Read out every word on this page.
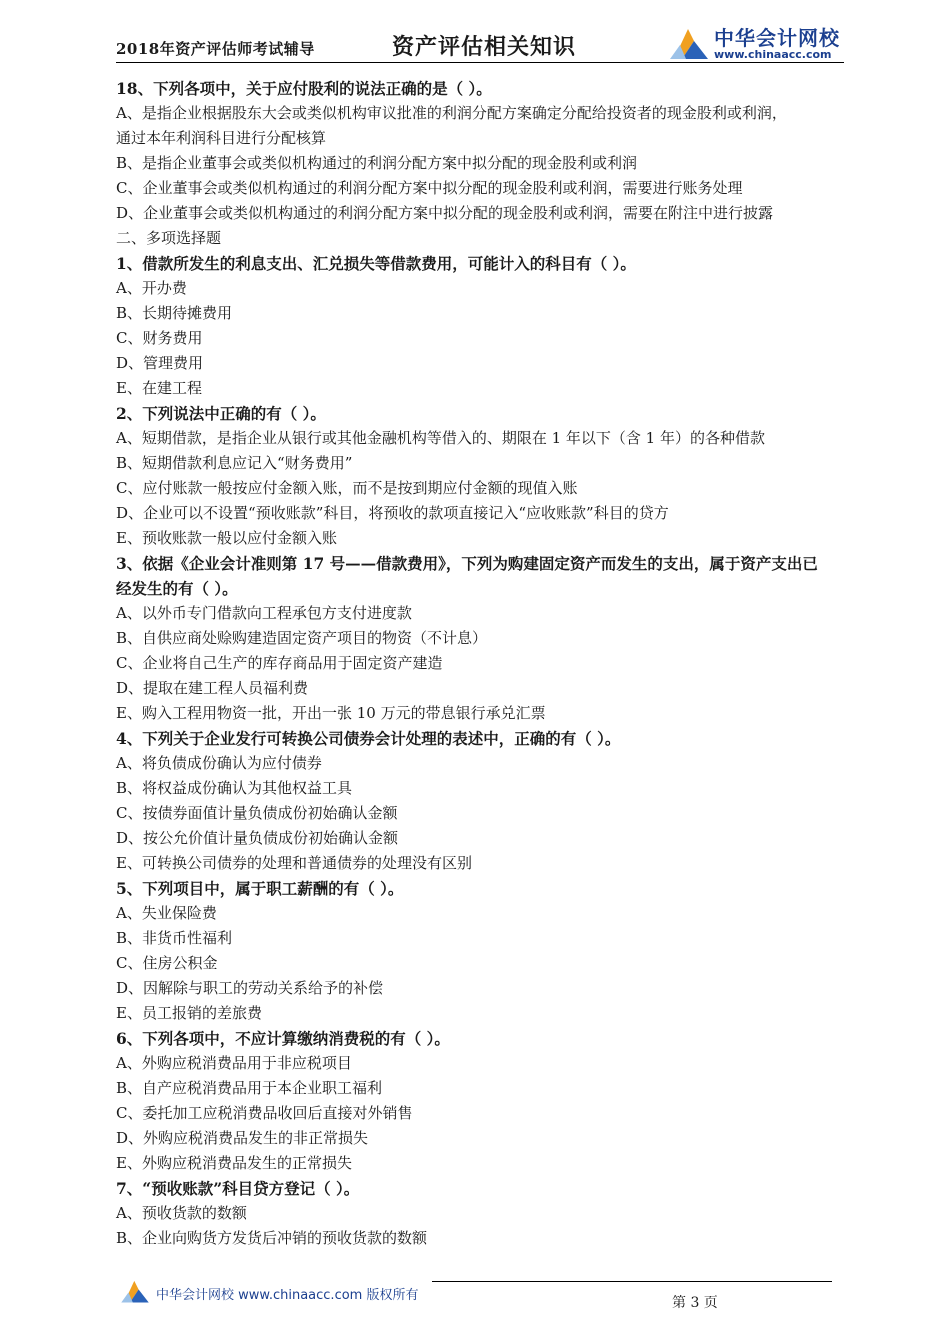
2018年资产评估师考试辅导	资产评估相关知识	中华会计网校
www.chinaacc.com
18、下列各项中，关于应付股利的说法正确的是（ ）。
A、是指企业根据股东大会或类似机构审议批准的利润分配方案确定分配给投资者的现金股利或利润，
通过本年利润科目进行分配核算
B、是指企业董事会或类似机构通过的利润分配方案中拟分配的现金股利或利润
C、企业董事会或类似机构通过的利润分配方案中拟分配的现金股利或利润，需要进行账务处理
D、企业董事会或类似机构通过的利润分配方案中拟分配的现金股利或利润，需要在附注中进行披露
二、多项选择题
1、借款所发生的利息支出、汇兑损失等借款费用，可能计入的科目有（ ）。
A、开办费
B、长期待摊费用
C、财务费用
D、管理费用
E、在建工程
2、下列说法中正确的有（ ）。
A、短期借款，是指企业从银行或其他金融机构等借入的、期限在 1 年以下（含 1 年）的各种借款
B、短期借款利息应记入“财务费用”
C、应付账款一般按应付金额入账，而不是按到期应付金额的现值入账
D、企业可以不设置“预收账款”科目，将预收的款项直接记入“应收账款”科目的贷方
E、预收账款一般以应付金额入账
3、依据《企业会计准则第 17 号——借款费用》，下列为购建固定资产而发生的支出，属于资产支出已
经发生的有（ ）。
A、以外币专门借款向工程承包方支付进度款
B、自供应商处赊购建造固定资产项目的物资（不计息）
C、企业将自己生产的库存商品用于固定资产建造
D、提取在建工程人员福利费
E、购入工程用物资一批，开出一张 10 万元的带息银行承兑汇票
4、下列关于企业发行可转换公司债券会计处理的表述中，正确的有（ ）。
A、将负债成份确认为应付债券
B、将权益成份确认为其他权益工具
C、按债券面值计量负债成份初始确认金额
D、按公允价值计量负债成份初始确认金额
E、可转换公司债券的处理和普通债券的处理没有区别
5、下列项目中，属于职工薪酬的有（ ）。
A、失业保险费
B、非货币性福利
C、住房公积金
D、因解除与职工的劳动关系给予的补偿
E、员工报销的差旅费
6、下列各项中，不应计算缴纳消费税的有（ ）。
A、外购应税消费品用于非应税项目
B、自产应税消费品用于本企业职工福利
C、委托加工应税消费品收回后直接对外销售
D、外购应税消费品发生的非正常损失
E、外购应税消费品发生的正常损失
7、“预收账款”科目贷方登记（ ）。
A、预收货款的数额
B、企业向购货方发货后冲销的预收货款的数额
中华会计网校 www.chinaacc.com 版权所有	第 3 页
